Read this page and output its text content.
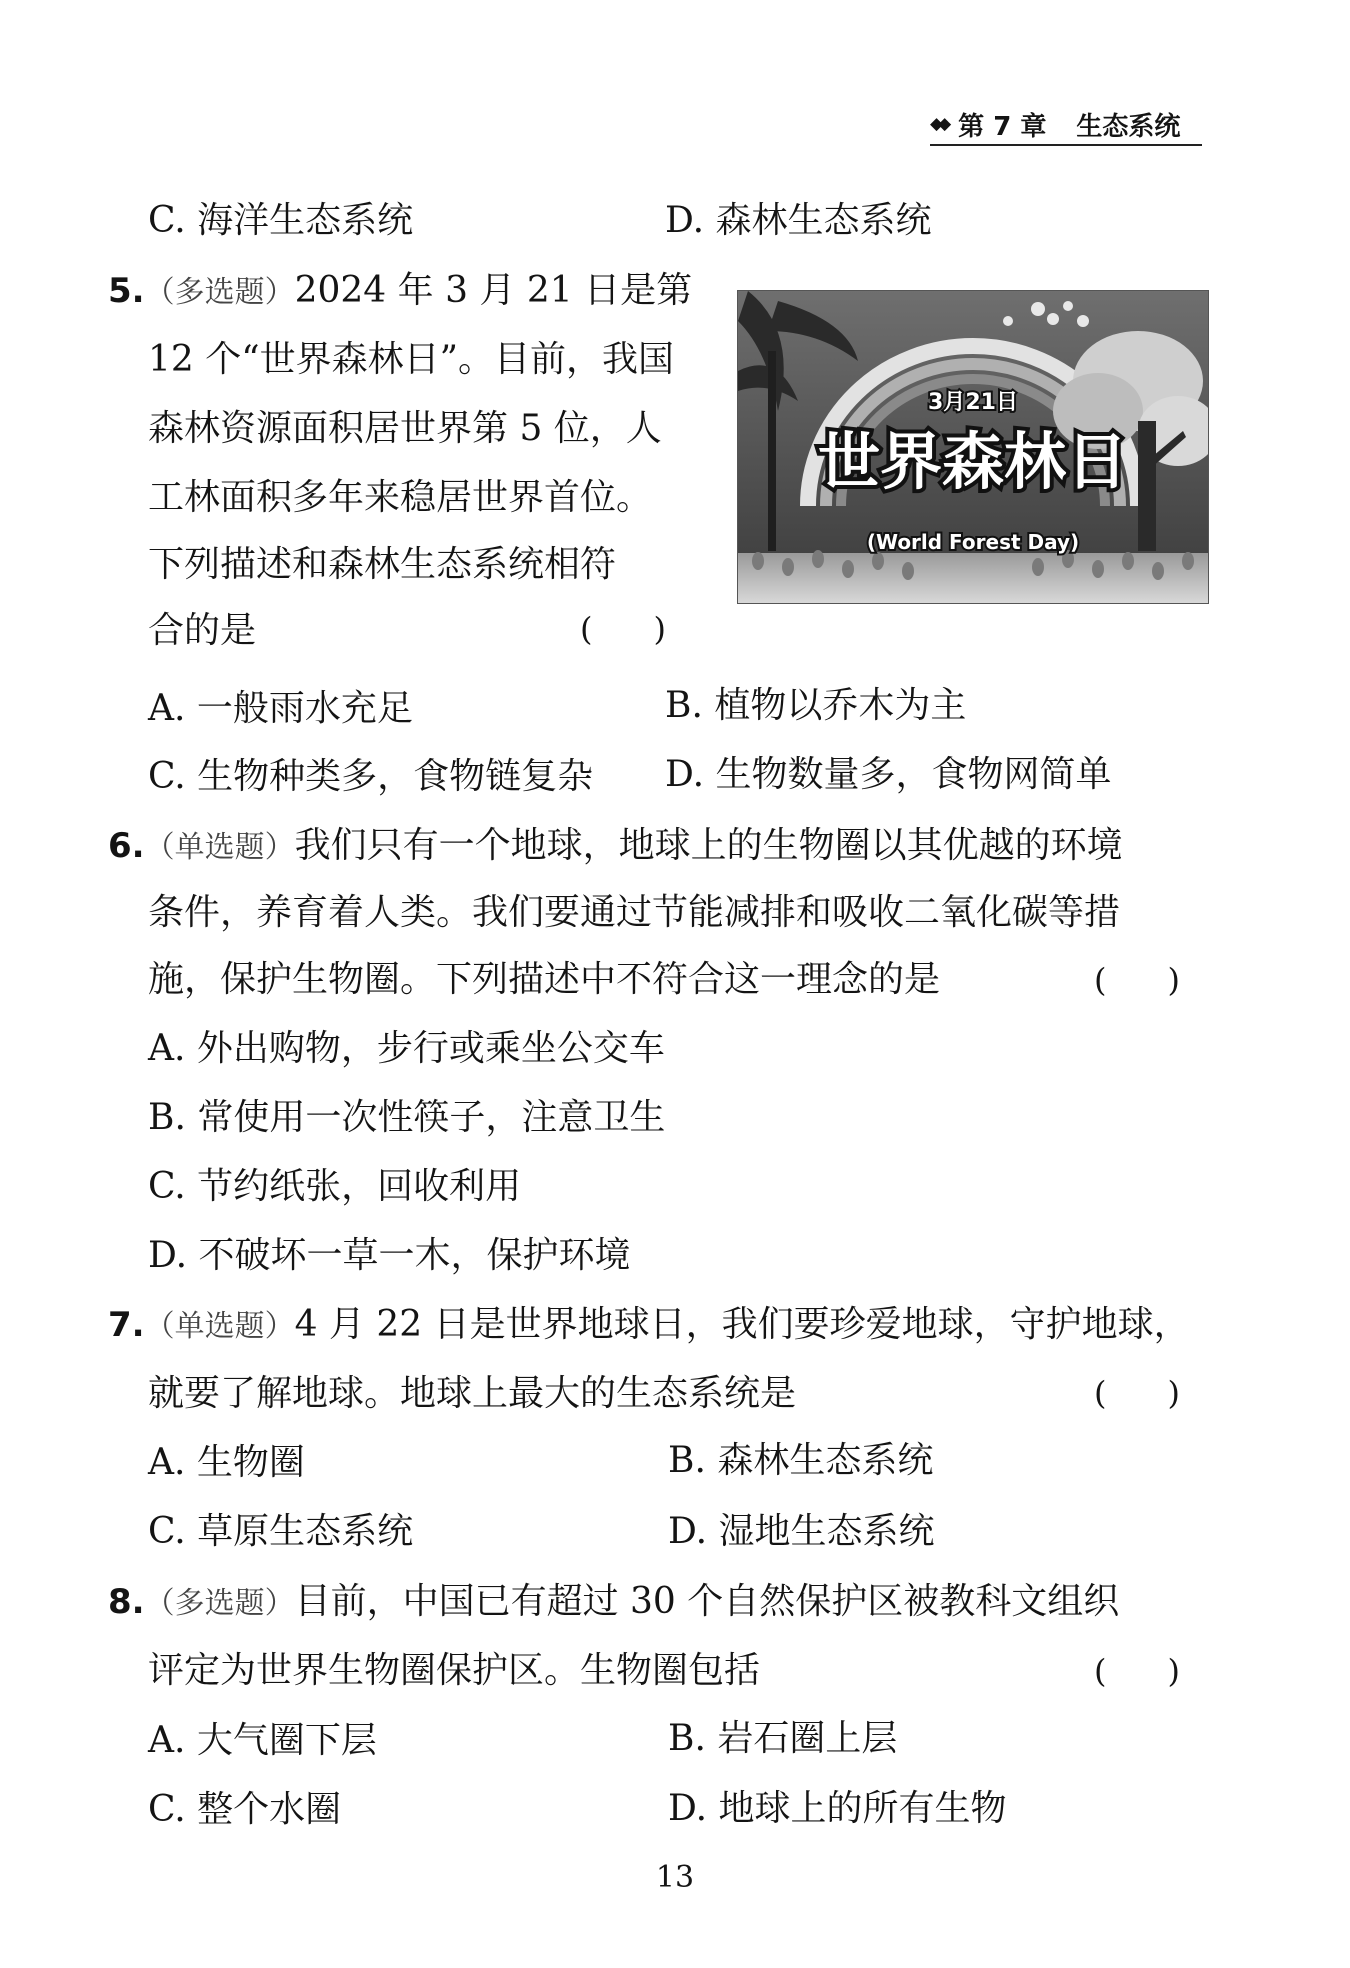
◆◆ 第 7 章 生态系统
C. 海洋生态系统	D. 森林生态系统
5.（多选题）2024 年 3 月 21 日是第
12 个“世界森林日”。目前，我国
森林资源面积居世界第 5 位，人
工林面积多年来稳居世界首位。
下列描述和森林生态系统相符
合的是	(      )
3月21日
世界森林日
(World Forest Day)
A. 一般雨水充足	B. 植物以乔木为主
C. 生物种类多，食物链复杂 D. 生物数量多，食物网简单
6.（单选题）我们只有一个地球，地球上的生物圈以其优越的环境
条件，养育着人类。我们要通过节能减排和吸收二氧化碳等措
施，保护生物圈。下列描述中不符合这一理念的是	(      )
A. 外出购物，步行或乘坐公交车
B. 常使用一次性筷子，注意卫生
C. 节约纸张，回收利用
D. 不破坏一草一木，保护环境
7.（单选题）4 月 22 日是世界地球日，我们要珍爱地球，守护地球，
就要了解地球。地球上最大的生态系统是	(      )
A. 生物圈	B. 森林生态系统
C. 草原生态系统	D. 湿地生态系统
8.（多选题）目前，中国已有超过 30 个自然保护区被教科文组织
评定为世界生物圈保护区。生物圈包括	(      )
A. 大气圈下层	B. 岩石圈上层
C. 整个水圈	D. 地球上的所有生物
13
